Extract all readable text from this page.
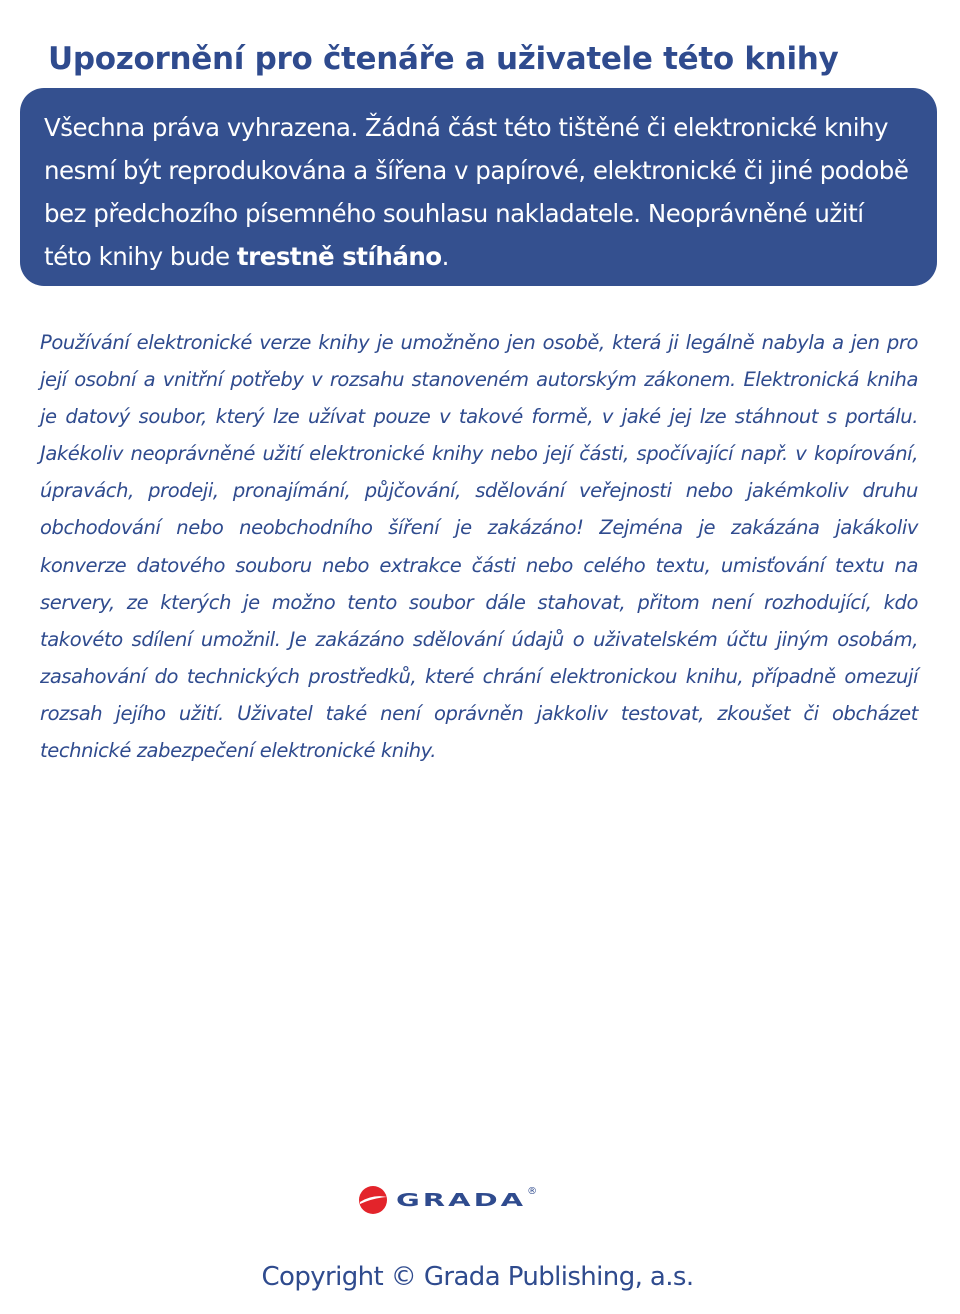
Upozornění pro čtenáře a uživatele této knihy

Všechna práva vyhrazena. Žádná část této tištěné či elektronické knihy nesmí být reprodukována a šířena v papírové, elektronické či jiné podobě bez předchozího písemného souhlasu nakladatele. Neoprávněné užití této knihy bude trestně stíháno.

Používání elektronické verze knihy je umožněno jen osobě, která ji legálně nabyla a jen pro její osobní a vnitřní potřeby v rozsahu stanoveném autorským zákonem. Elektronická kniha je datový soubor, který lze užívat pouze v takové formě, v jaké jej lze stáhnout s portálu. Jakékoliv neoprávněné užití elektronické knihy nebo její části, spočívající např. v kopírování, úpravách, prodeji, pronajímání, půjčování, sdělování veřejnosti nebo jakémkoliv druhu obchodování nebo neobchodního šíření je zakázáno! Zejména je zakázána jakákoliv konverze datového souboru nebo extrakce části nebo celého textu, umisťování textu na servery, ze kterých je možno tento soubor dále stahovat, přitom není rozhodující, kdo takovéto sdílení umožnil. Je zakázáno sdělování údajů o uživatelském účtu jiným osobám, zasahování do technických prostředků, které chrání elektronickou knihu, případně omezují rozsah jejího užití. Uživatel také není oprávněn jakkoliv testovat, zkoušet či obcházet technické zabezpečení elektronické knihy.

GRADA ®
Copyright © Grada Publishing, a.s.
